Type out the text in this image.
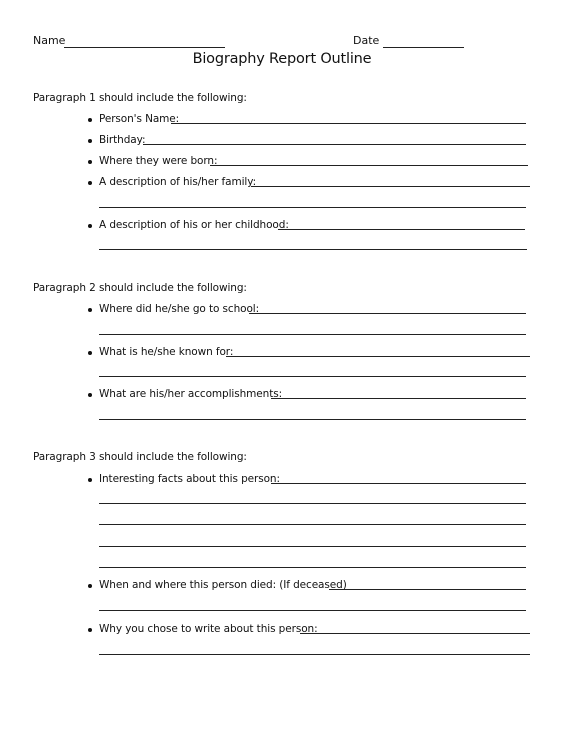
Name	Date
Biography Report Outline
Paragraph 1 should include the following:
Person's Name:
Birthday:
Where they were born:
A description of his/her family:
A description of his or her childhood:
Paragraph 2 should include the following:
Where did he/she go to school:
What is he/she known for:
What are his/her accomplishments:
Paragraph 3 should include the following:
Interesting facts about this person:
When and where this person died: (If deceased)
Why you chose to write about this person:
